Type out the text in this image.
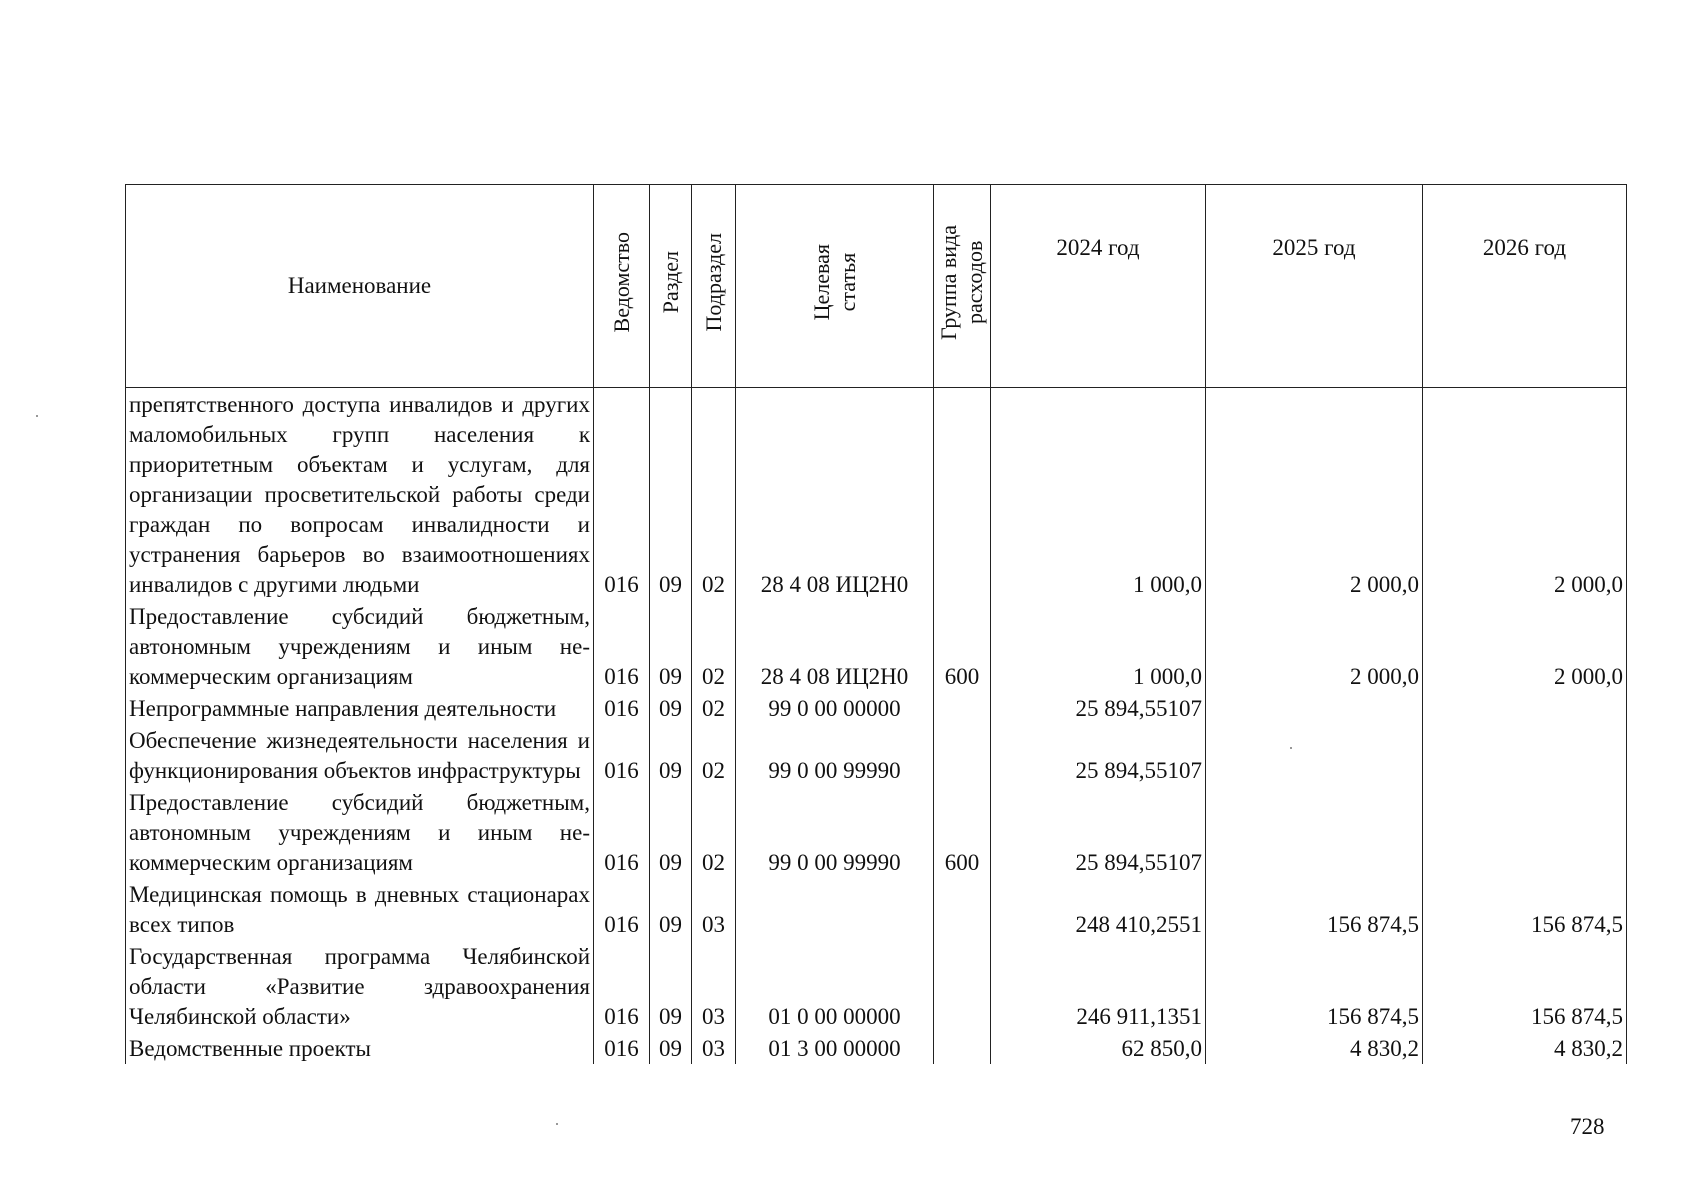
Наименование	Ведомство	Раздел	Подраздел	Целевая
статья	Группа вида
расходов	2024 год	2025 год	2026 год
препятственного доступа инвалидов и других маломобильных групп населения к приоритетным объектам и услугам, для организации просветительской работы среди граждан по вопросам инвалидности и устранения барьеров во взаимоотношениях инвалидов с другими людьми	016	09	02	28 4 08 ИЦ2Н0		1 000,0	2 000,0	2 000,0
Предоставление субсидий бюджетным, автономным учреждениям и иным некоммерческим организациям	016	09	02	28 4 08 ИЦ2Н0	600	1 000,0	2 000,0	2 000,0
Непрограммные направления деятельности	016	09	02	99 0 00 00000		25 894,55107		
Обеспечение жизнедеятельности населения и функционирования объектов инфраструктуры	016	09	02	99 0 00 99990		25 894,55107		
Предоставление субсидий бюджетным, автономным учреждениям и иным некоммерческим организациям	016	09	02	99 0 00 99990	600	25 894,55107		
Медицинская помощь в дневных стационарах всех типов	016	09	03			248 410,2551	156 874,5	156 874,5
Государственная программа Челябинской области «Развитие здравоохранения Челябинской области»	016	09	03	01 0 00 00000		246 911,1351	156 874,5	156 874,5
Ведомственные проекты	016	09	03	01 3 00 00000		62 850,0	4 830,2	4 830,2
728
